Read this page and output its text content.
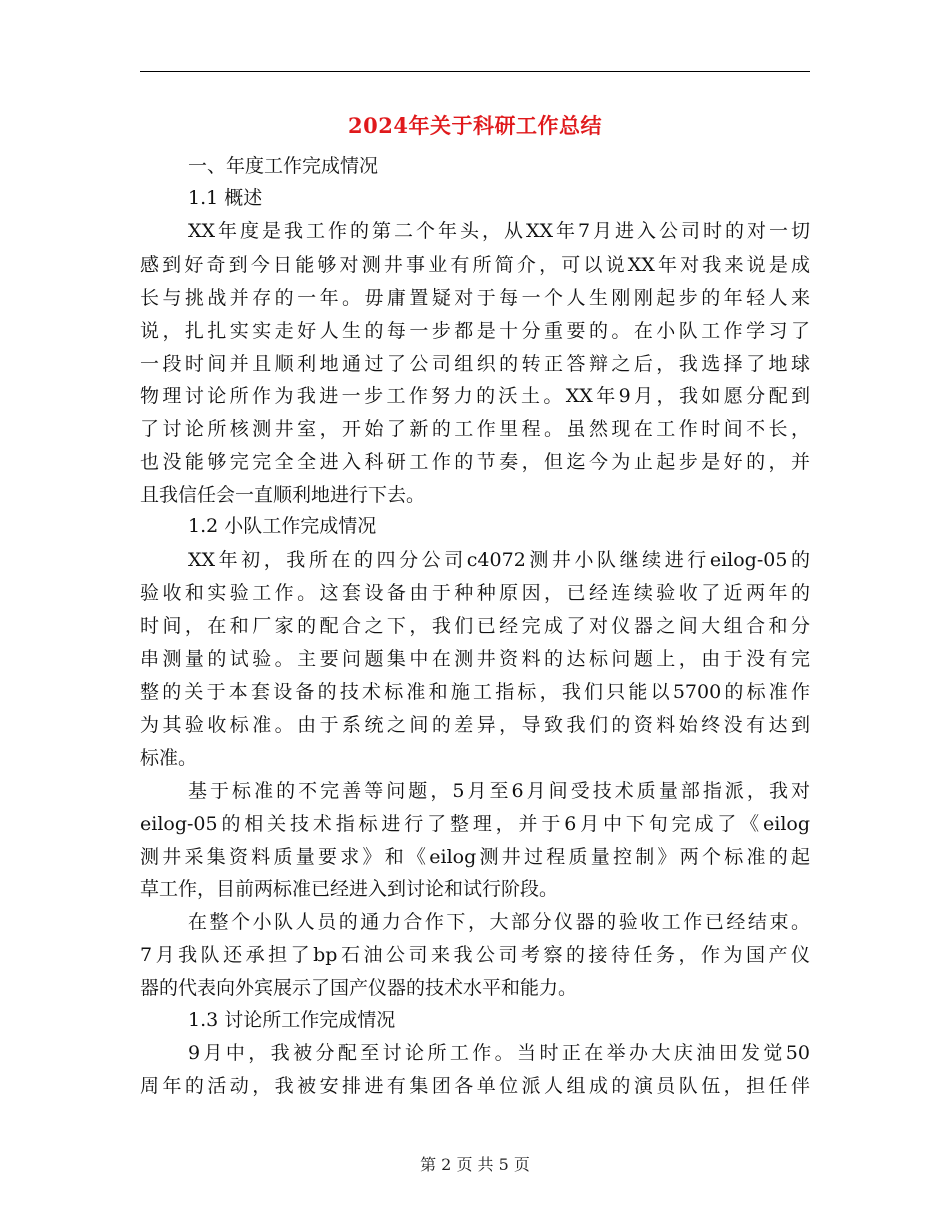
2024年关于科研工作总结
一、年度工作完成情况
1.1 概述
XX年度是我工作的第二个年头，从XX年7月进入公司时的对一切
感到好奇到今日能够对测井事业有所简介，可以说XX年对我来说是成
长与挑战并存的一年。毋庸置疑对于每一个人生刚刚起步的年轻人来
说，扎扎实实走好人生的每一步都是十分重要的。在小队工作学习了
一段时间并且顺利地通过了公司组织的转正答辩之后，我选择了地球
物理讨论所作为我进一步工作努力的沃土。XX年9月，我如愿分配到
了讨论所核测井室，开始了新的工作里程。虽然现在工作时间不长，
也没能够完完全全进入科研工作的节奏，但迄今为止起步是好的，并
且我信任会一直顺利地进行下去。
1.2 小队工作完成情况
XX年初，我所在的四分公司c4072测井小队继续进行eilog-05的
验收和实验工作。这套设备由于种种原因，已经连续验收了近两年的
时间，在和厂家的配合之下，我们已经完成了对仪器之间大组合和分
串测量的试验。主要问题集中在测井资料的达标问题上，由于没有完
整的关于本套设备的技术标准和施工指标，我们只能以5700的标准作
为其验收标准。由于系统之间的差异，导致我们的资料始终没有达到
标准。
基于标准的不完善等问题，5月至6月间受技术质量部指派，我对
eilog-05的相关技术指标进行了整理，并于6月中下旬完成了《eilog
测井采集资料质量要求》和《eilog测井过程质量控制》两个标准的起
草工作，目前两标准已经进入到讨论和试行阶段。
在整个小队人员的通力合作下，大部分仪器的验收工作已经结束。
7月我队还承担了bp石油公司来我公司考察的接待任务，作为国产仪
器的代表向外宾展示了国产仪器的技术水平和能力。
1.3 讨论所工作完成情况
9月中，我被分配至讨论所工作。当时正在举办大庆油田发觉50
周年的活动，我被安排进有集团各单位派人组成的演员队伍，担任伴
第 2 页 共 5 页
